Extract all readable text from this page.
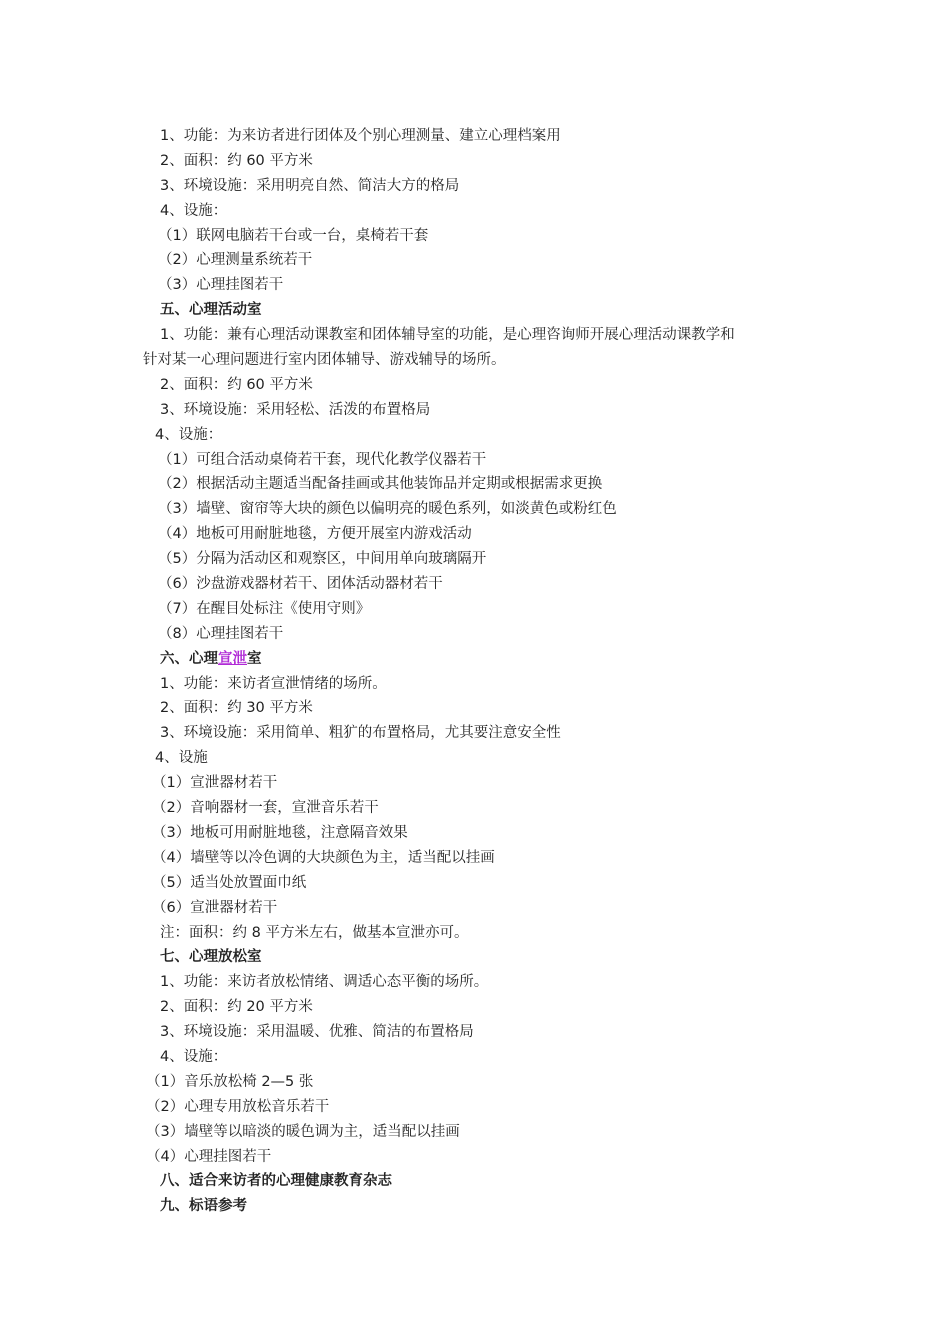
1、功能：为来访者进行团体及个别心理测量、建立心理档案用
2、面积：约 60 平方米
3、环境设施：采用明亮自然、简洁大方的格局
4、设施：
（1）联网电脑若干台或一台，桌椅若干套
（2）心理测量系统若干
（3）心理挂图若干
五、心理活动室
1、功能：兼有心理活动课教室和团体辅导室的功能，是心理咨询师开展心理活动课教学和
针对某一心理问题进行室内团体辅导、游戏辅导的场所。
2、面积：约 60 平方米
3、环境设施：采用轻松、活泼的布置格局
4、设施：
（1）可组合活动桌倚若干套，现代化教学仪器若干
（2）根据活动主题适当配备挂画或其他装饰品并定期或根据需求更换
（3）墙壁、窗帘等大块的颜色以偏明亮的暖色系列，如淡黄色或粉红色
（4）地板可用耐脏地毯，方便开展室内游戏活动
（5）分隔为活动区和观察区，中间用单向玻璃隔开
（6）沙盘游戏器材若干、团体活动器材若干
（7）在醒目处标注《使用守则》
（8）心理挂图若干
六、心理宣泄室
1、功能：来访者宣泄情绪的场所。
2、面积：约 30 平方米
3、环境设施：采用简单、粗犷的布置格局，尤其要注意安全性
4、设施
（1）宣泄器材若干
（2）音响器材一套，宣泄音乐若干
（3）地板可用耐脏地毯，注意隔音效果
（4）墙壁等以冷色调的大块颜色为主，适当配以挂画
（5）适当处放置面巾纸
（6）宣泄器材若干
注：面积：约 8 平方米左右，做基本宣泄亦可。
七、心理放松室
1、功能：来访者放松情绪、调适心态平衡的场所。
2、面积：约 20 平方米
3、环境设施：采用温暖、优雅、简洁的布置格局
4、设施：
（1）音乐放松椅 2—5 张
（2）心理专用放松音乐若干
（3）墙壁等以暗淡的暖色调为主，适当配以挂画
（4）心理挂图若干
八、适合来访者的心理健康教育杂志
九、标语参考
